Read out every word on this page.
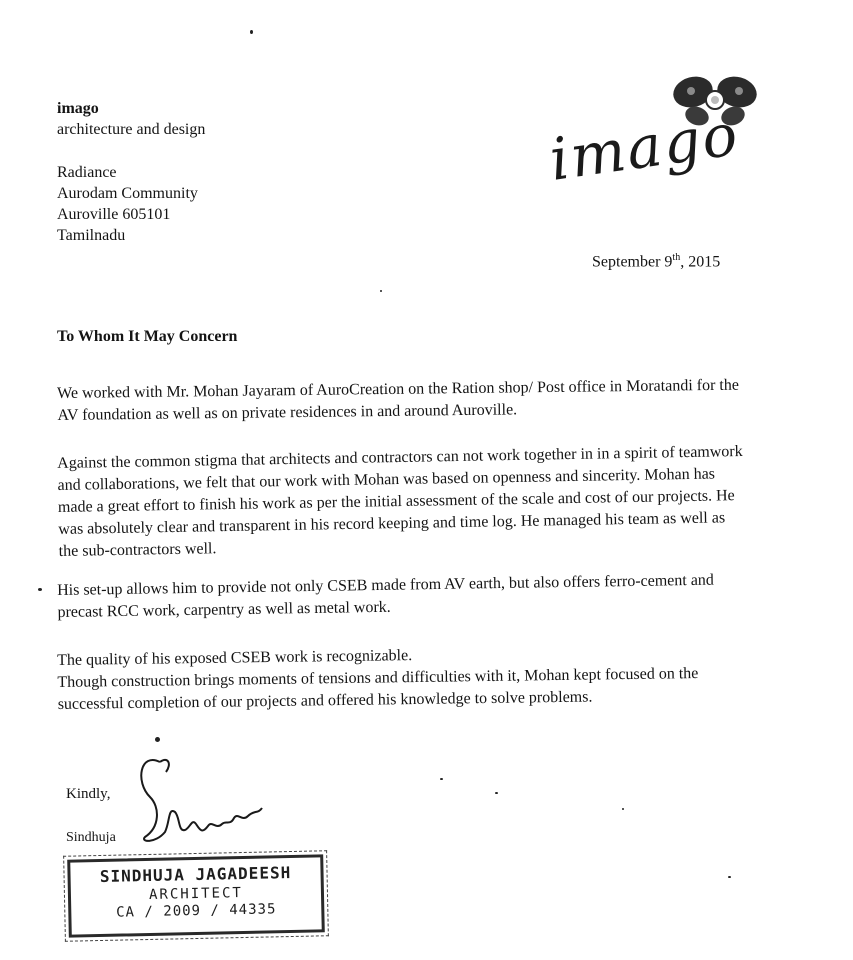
imago
architecture and design
Radiance
Aurodam Community
Auroville 605101
Tamilnadu
imago
September 9th, 2015
To Whom It May Concern

We worked with Mr. Mohan Jayaram of AuroCreation on the Ration shop/ Post office in Moratandi for the AV foundation as well as on private residences in and around Auroville.

Against the common stigma that architects and contractors can not work together in in a spirit of teamwork and collaborations, we felt that our work with Mohan was based on openness and sincerity. Mohan has made a great effort to finish his work as per the initial assessment of the scale and cost of our projects. He was absolutely clear and transparent in his record keeping and time log. He managed his team as well as the sub-contractors well.

His set-up allows him to provide not only CSEB made from AV earth, but also offers ferro-cement and precast RCC work, carpentry as well as metal work.

The quality of his exposed CSEB work is recognizable.

Though construction brings moments of tensions and difficulties with it, Mohan kept focused on the successful completion of our projects and offered his knowledge to solve problems.

Kindly,
Sindhuja
SINDHUJA JAGADEESH
ARCHITECT
CA / 2009 / 44335
